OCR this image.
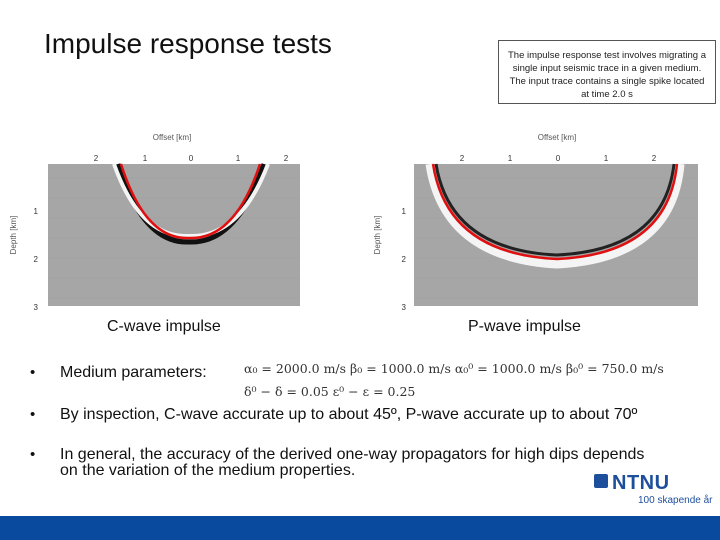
Impulse response tests	The impulse response test involves migrating a single input seismic trace in a given medium. The input trace contains a single spike located at time 2.0 s
Offset [km]
2	1	0	1	2
1
2
3
Depth [km]
C-wave impulse
Offset [km]
2	1	0	1	2
1
2
3
Depth [km]
P-wave impulse
• Medium parameters:	α₀ = 2000.0 m/s β₀ = 1000.0 m/s α₀⁰ = 1000.0 m/s β₀⁰ = 750.0 m/s
δ⁰ − δ = 0.05 ε⁰ − ε = 0.25
• By inspection, C-wave accurate up to about 45º, P-wave accurate up to about 70º
• In general, the accuracy of the derived one-way propagators for high dips depends on the variation of the medium properties.
NTNU
100 skapende år
